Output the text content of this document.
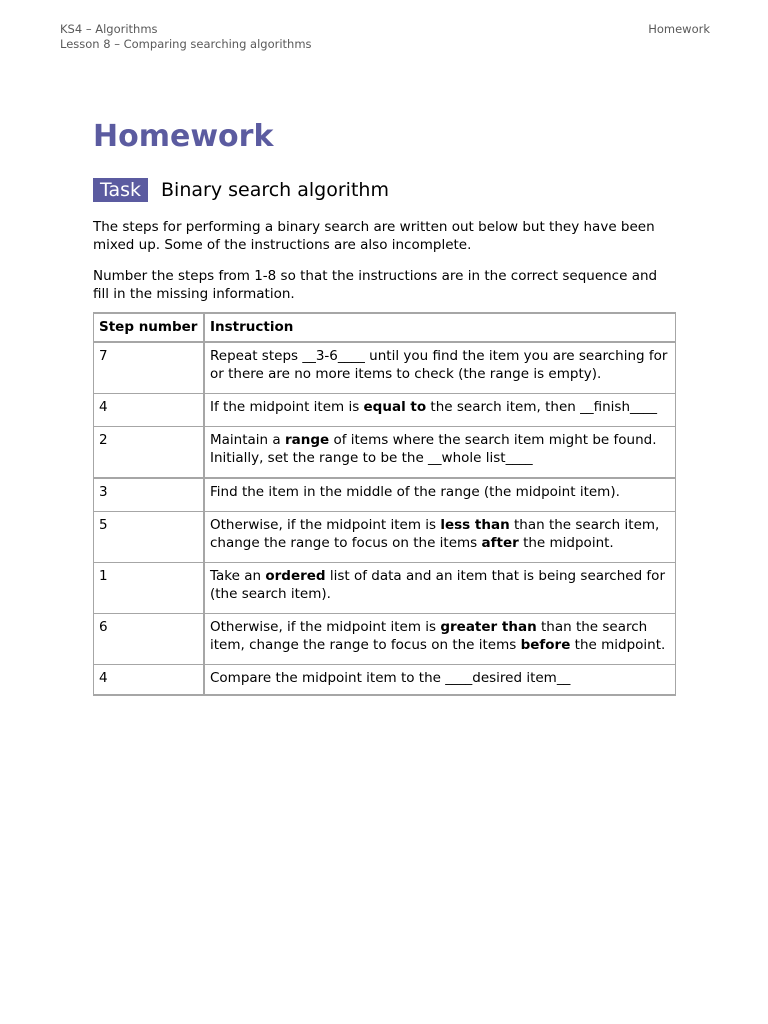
KS4 – Algorithms
Lesson 8 – Comparing searching algorithms
Homework
Homework
Task	Binary search algorithm

The steps for performing a binary search are written out below but they have been mixed up. Some of the instructions are also incomplete.

Number the steps from 1-8 so that the instructions are in the correct sequence and fill in the missing information.

Step number	Instruction
7	Repeat steps __3-6____ until you find the item you are searching for or there are no more items to check (the range is empty).
4	If the midpoint item is equal to the search item, then __finish____
2	Maintain a range of items where the search item might be found. Initially, set the range to be the __whole list____
3	Find the item in the middle of the range (the midpoint item).
5	Otherwise, if the midpoint item is less than than the search item, change the range to focus on the items after the midpoint.
1	Take an ordered list of data and an item that is being searched for (the search item).
6	Otherwise, if the midpoint item is greater than than the search item, change the range to focus on the items before the midpoint.
4	Compare the midpoint item to the ____desired item__
